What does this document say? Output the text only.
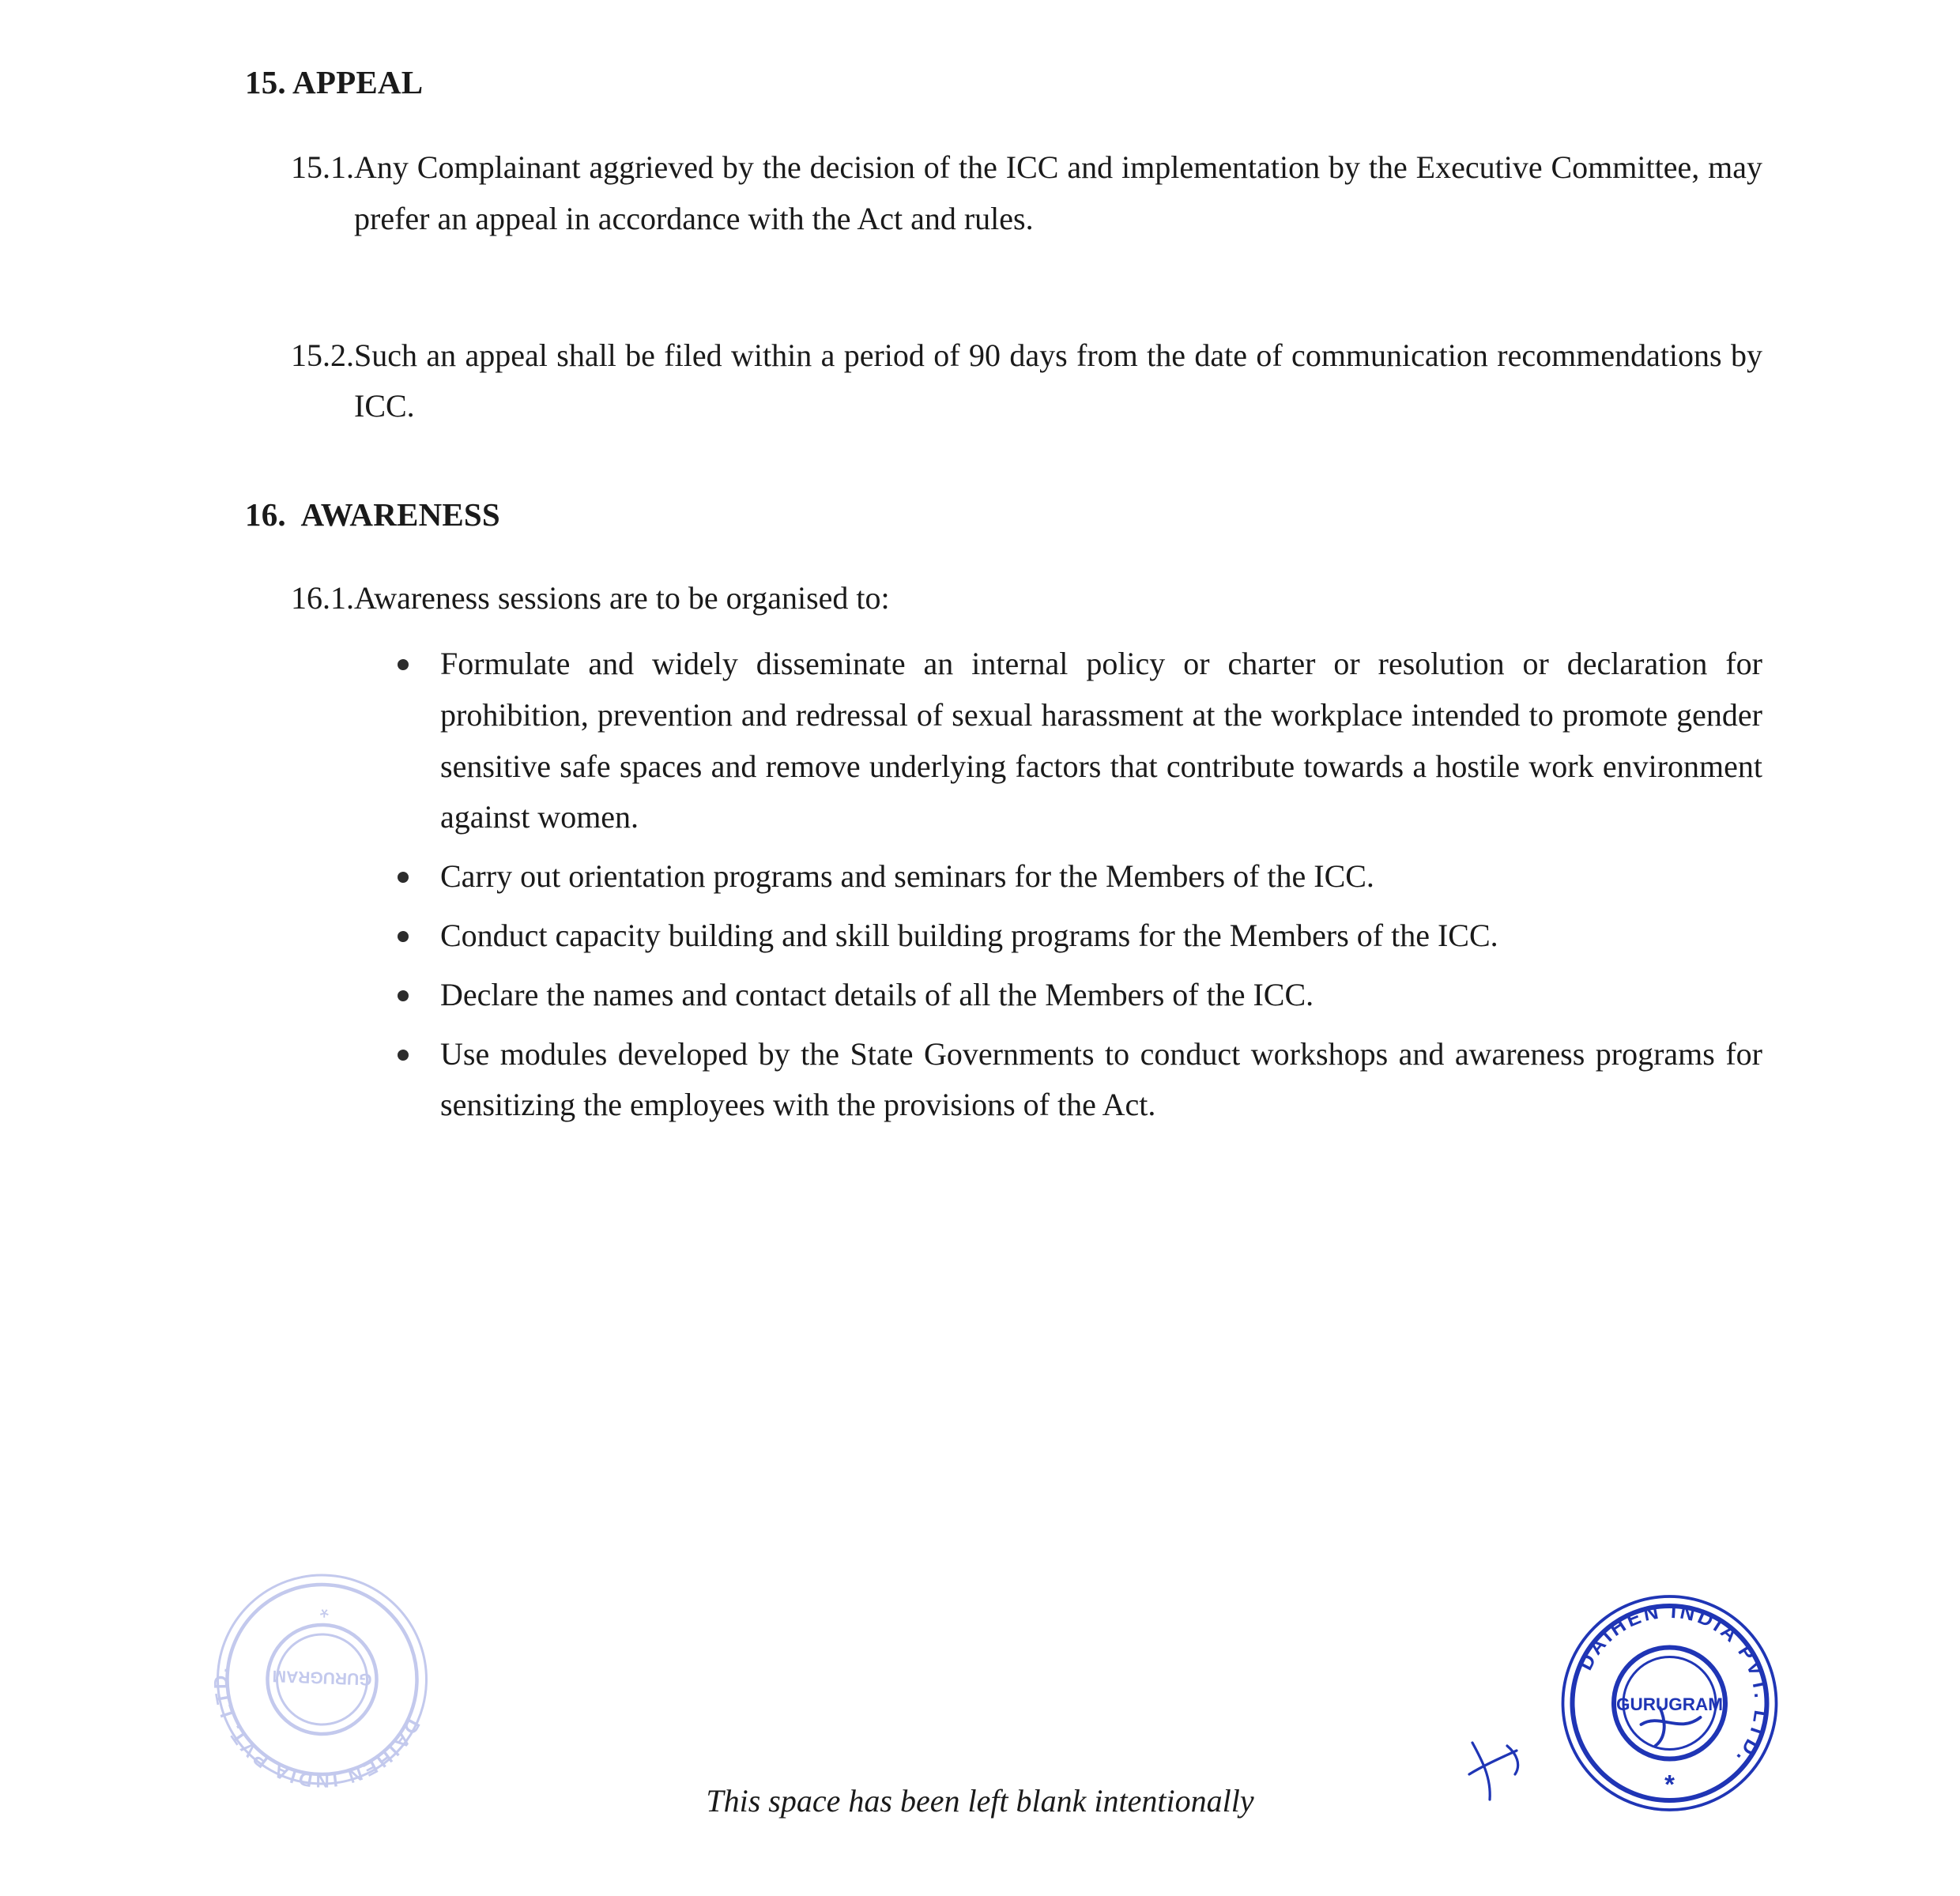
15. APPEAL
15.1. Any Complainant aggrieved by the decision of the ICC and implementation by the Executive Committee, may prefer an appeal in accordance with the Act and rules.
15.2. Such an appeal shall be filed within a period of 90 days from the date of communication recommendations by ICC.
16.  AWARENESS
16.1. Awareness sessions are to be organised to:
Formulate and widely disseminate an internal policy or charter or resolution or declaration for prohibition, prevention and redressal of sexual harassment at the workplace intended to promote gender sensitive safe spaces and remove underlying factors that contribute towards a hostile work environment against women.
Carry out orientation programs and seminars for the Members of the ICC.
Conduct capacity building and skill building programs for the Members of the ICC.
Declare the names and contact details of all the Members of the ICC.
Use modules developed by the State Governments to conduct workshops and awareness programs for sensitizing the employees with the provisions of the Act.
This space has been left blank intentionally
DAIHEN INDIA PVT. LTD.	GURUGRAM
*
DAIHEN INDIA PVT. LTD.
GURUGRAM
*
